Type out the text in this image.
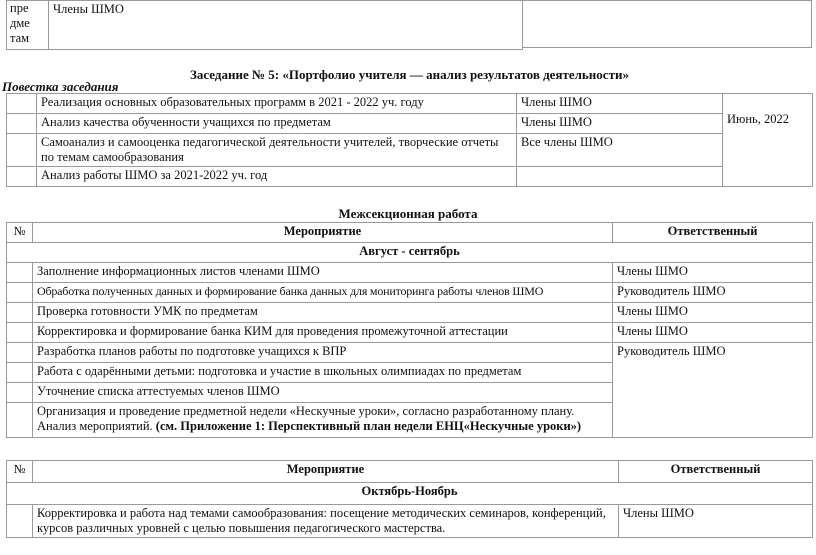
пре
дме
там	Члены ШМО
Заседание № 5: «Портфолио учителя — анализ результатов деятельности»
Повестка заседания
	Реализация основных образовательных программ в 2021 - 2022 уч. году	Члены ШМО	Июнь, 2022
	Анализ качества обученности учащихся по предметам	Члены ШМО	
	Самоанализ и самооценка педагогической деятельности учителей, творческие отчеты по темам самообразования	Все члены ШМО	
	Анализ работы ШМО за 2021-2022 уч. год		
Межсекционная работа
№	Мероприятие	Ответственный
Август - сентябрь		
	Заполнение информационных листов членами ШМО	Члены ШМО
	Обработка полученных данных и формирование банка данных для мониторинга работы членов ШМО	Руководитель ШМО
	Проверка готовности УМК по предметам	Члены ШМО
	Корректировка и формирование банка КИМ для проведения промежуточной аттестации	Члены ШМО
	Разработка планов работы по подготовке учащихся к ВПР	Руководитель ШМО
	Работа с одарёнными детьми: подготовка и участие в школьных олимпиадах по предметам	
	Уточнение списка аттестуемых членов ШМО	
	Организация и проведение предметной недели «Нескучные уроки», согласно разработанному плану. Анализ мероприятий. (см. Приложение 1: Перспективный план недели ЕНЦ«Нескучные уроки»)	
№	Мероприятие	Ответственный
Октябрь-Ноябрь		
	Корректировка и работа над темами самообразования: посещение методических семинаров, конференций, курсов различных уровней с целью повышения педагогического мастерства.	Члены ШМО
